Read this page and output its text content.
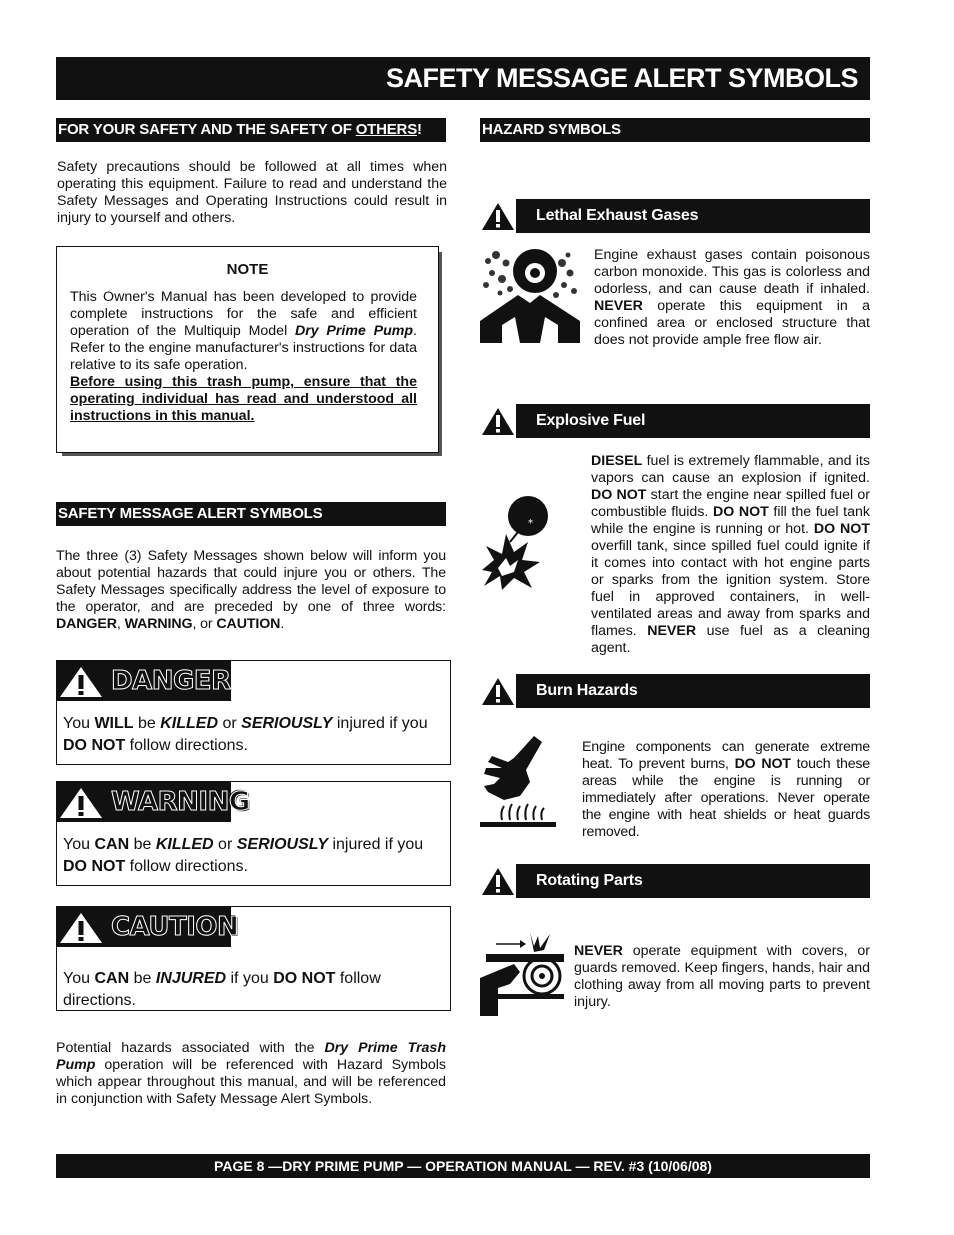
SAFETY MESSAGE ALERT SYMBOLS
FOR YOUR SAFETY AND THE SAFETY OF OTHERS!
Safety precautions should be followed at all times when operating this equipment. Failure to read and understand the Safety Messages and Operating Instructions could result in injury to yourself and others.
NOTE
This Owner's Manual has been developed to provide complete instructions for the safe and efficient operation of the Multiquip Model Dry Prime Pump. Refer to the engine manufacturer's instructions for data relative to its safe operation.
Before using this trash pump, ensure that the operating individual has read and understood all instructions in this manual.
SAFETY MESSAGE ALERT SYMBOLS
The three (3) Safety Messages shown below will inform you about potential hazards that could injure you or others. The Safety Messages specifically address the level of exposure to the operator, and are preceded by one of three words: DANGER, WARNING, or CAUTION.
DANGER
You WILL be KILLED or SERIOUSLY injured if you DO NOT follow directions.
WARNING
You CAN be KILLED or SERIOUSLY injured if you DO NOT follow directions.
CAUTION
You CAN be INJURED if you DO NOT follow directions.
Potential hazards associated with the Dry Prime Trash Pump operation will be referenced with Hazard Symbols which appear throughout this manual, and will be referenced in conjunction with Safety Message Alert Symbols.
HAZARD SYMBOLS
Lethal Exhaust Gases
Engine exhaust gases contain poisonous carbon monoxide. This gas is colorless and odorless, and can cause death if inhaled. NEVER operate this equipment in a confined area or enclosed structure that does not provide ample free flow air.
Explosive Fuel
*
DIESEL fuel is extremely flammable, and its vapors can cause an explosion if ignited. DO NOT start the engine near spilled fuel or combustible fluids. DO NOT fill the fuel tank while the engine is running or hot. DO NOT overfill tank, since spilled fuel could ignite if it comes into contact with hot engine parts or sparks from the ignition system. Store fuel in approved containers, in well-ventilated areas and away from sparks and flames. NEVER use fuel as a cleaning agent.
Burn Hazards
Engine components can generate extreme heat. To prevent burns, DO NOT touch these areas while the engine is running or immediately after operations. Never operate the engine with heat shields or heat guards removed.
Rotating Parts
NEVER operate equipment with covers, or guards removed. Keep fingers, hands, hair and clothing away from all moving parts to prevent injury.
PAGE 8 —DRY PRIME PUMP — OPERATION MANUAL — REV. #3 (10/06/08)
